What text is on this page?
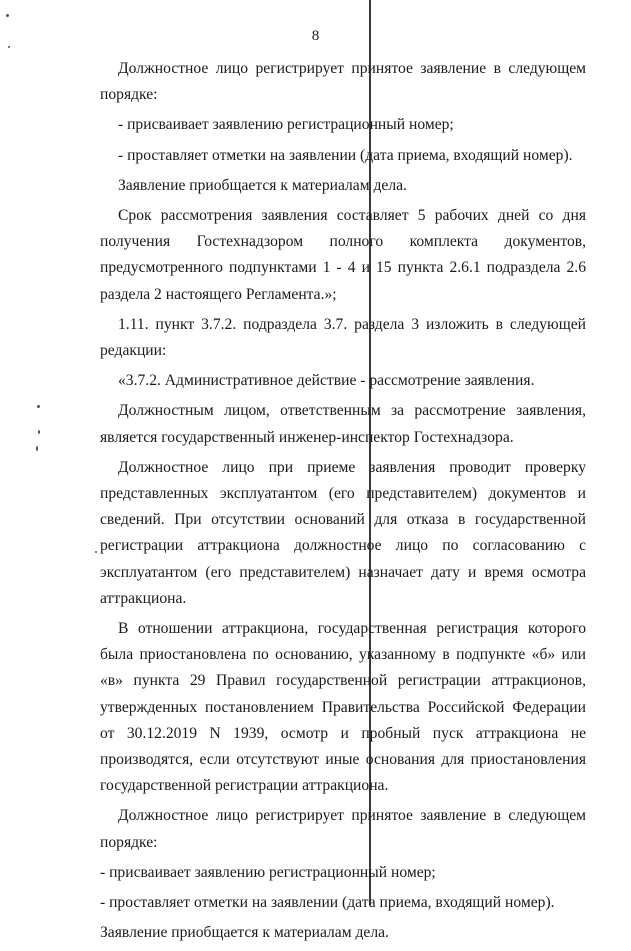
8

Должностное лицо регистрирует принятое заявление в следующем порядке:

- присваивает заявлению регистрационный номер;

- проставляет отметки на заявлении (дата приема, входящий номер).

Заявление приобщается к материалам дела.

Срок рассмотрения заявления составляет 5 рабочих дней со дня получения Гостехнадзором полного комплекта документов, предусмотренного подпунктами 1 - 4 и 15 пункта 2.6.1 подраздела 2.6 раздела 2 настоящего Регламента.»;

1.11. пункт 3.7.2. подраздела 3.7. раздела 3 изложить в следующей редакции:

«3.7.2. Административное действие - рассмотрение заявления.

Должностным лицом, ответственным за рассмотрение заявления, является государственный инженер-инспектор Гостехнадзора.

Должностное лицо при приеме заявления проводит проверку представленных эксплуатантом (его представителем) документов и сведений. При отсутствии оснований для отказа в государственной регистрации аттракциона должностное лицо по согласованию с эксплуатантом (его представителем) назначает дату и время осмотра аттракциона.

В отношении аттракциона, государственная регистрация которого была приостановлена по основанию, указанному в подпункте «б» или «в» пункта 29 Правил государственной регистрации аттракционов, утвержденных постановлением Правительства Российской Федерации от 30.12.2019 N 1939, осмотр и пробный пуск аттракциона не производятся, если отсутствуют иные основания для приостановления государственной регистрации аттракциона.

Должностное лицо регистрирует принятое заявление в следующем порядке:

- присваивает заявлению регистрационный номер;

- проставляет отметки на заявлении (дата приема, входящий номер).

Заявление приобщается к материалам дела.
